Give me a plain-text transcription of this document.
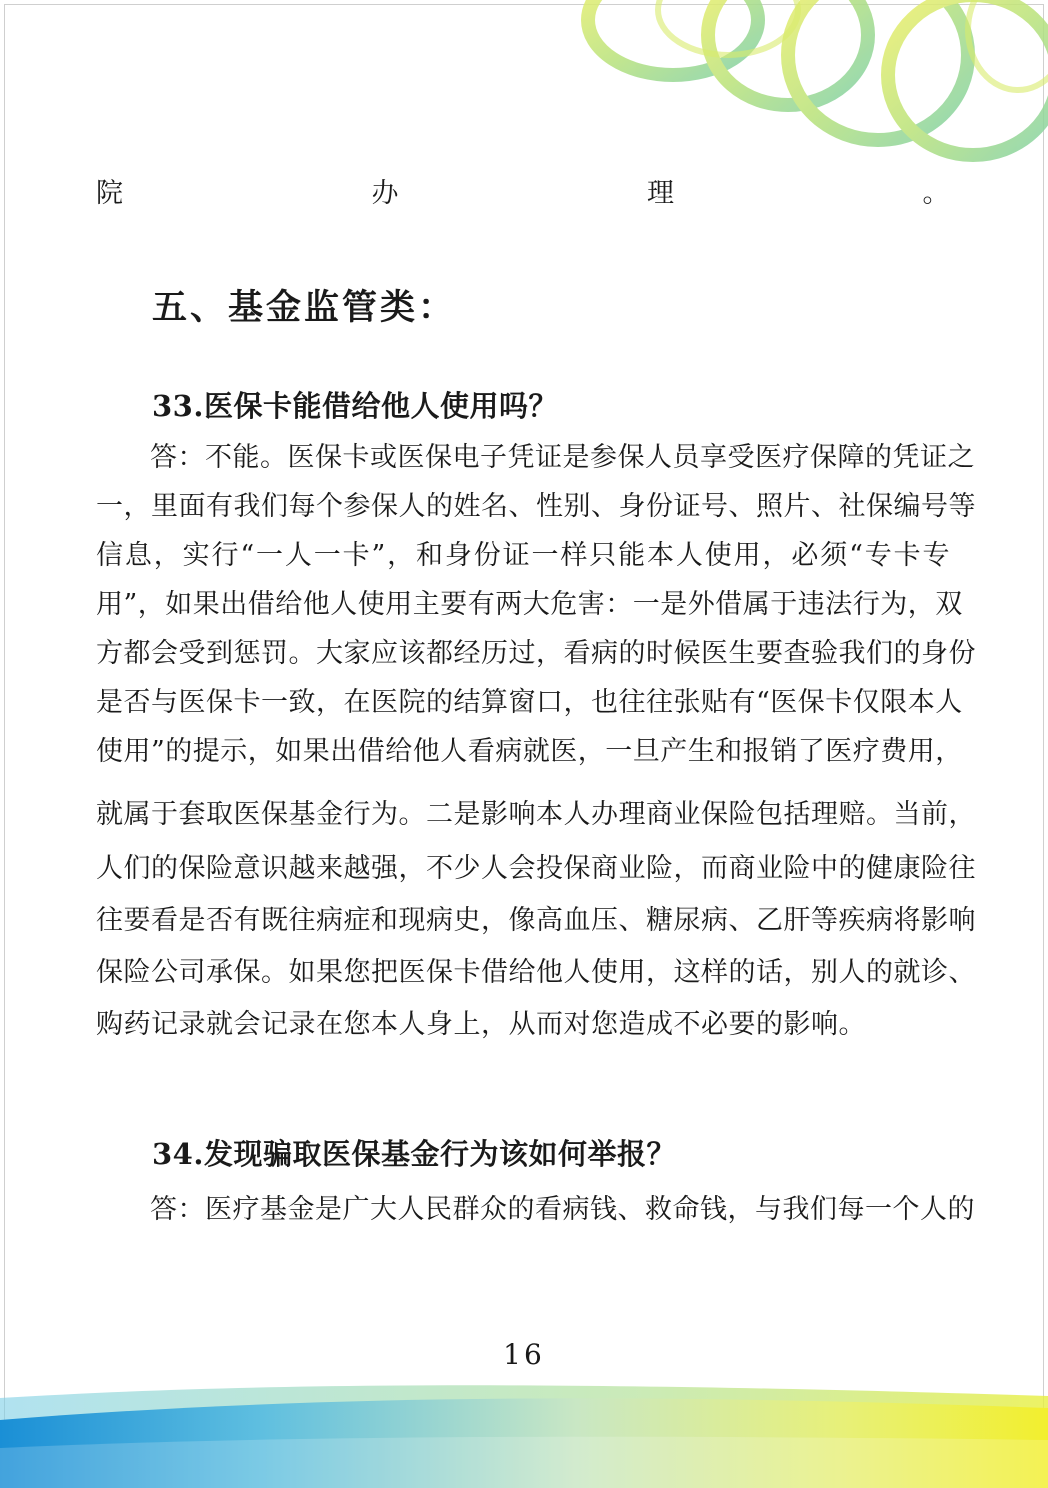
院办理。
五、基金监管类：
33.医保卡能借给他人使用吗？
答：不能。医保卡或医保电子凭证是参保人员享受医疗保障的凭证之
一，里面有我们每个参保人的姓名、性别、身份证号、照片、社保编号等
信息，实行“一人一卡”，和身份证一样只能本人使用，必须“专卡专
用”，如果出借给他人使用主要有两大危害：一是外借属于违法行为，双
方都会受到惩罚。大家应该都经历过，看病的时候医生要查验我们的身份
是否与医保卡一致，在医院的结算窗口，也往往张贴有“医保卡仅限本人
使用”的提示，如果出借给他人看病就医，一旦产生和报销了医疗费用，
就属于套取医保基金行为。二是影响本人办理商业保险包括理赔。当前，
人们的保险意识越来越强，不少人会投保商业险，而商业险中的健康险往
往要看是否有既往病症和现病史，像高血压、糖尿病、乙肝等疾病将影响
保险公司承保。如果您把医保卡借给他人使用，这样的话，别人的就诊、
购药记录就会记录在您本人身上，从而对您造成不必要的影响。
34.发现骗取医保基金行为该如何举报？
答：医疗基金是广大人民群众的看病钱、救命钱，与我们每一个人的
16
